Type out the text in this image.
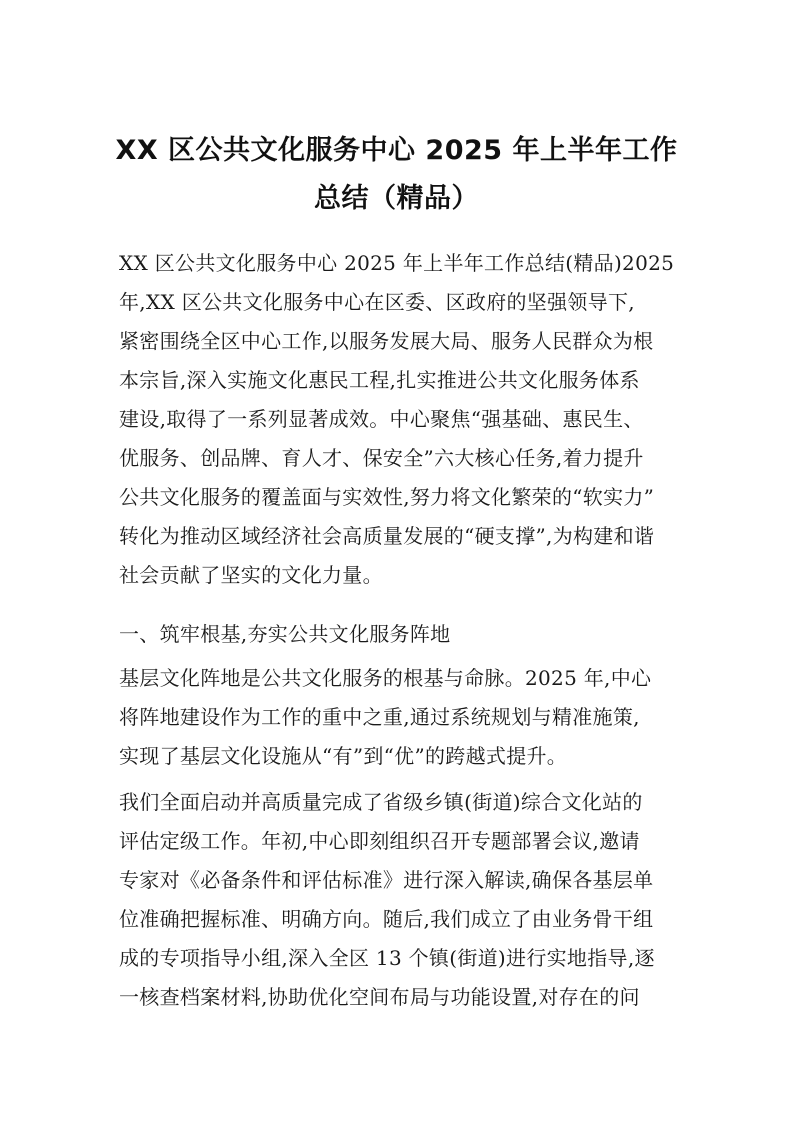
XX 区公共文化服务中心 2025 年上半年工作
总结（精品）
XX 区公共文化服务中心 2025 年上半年工作总结(精品)2025
年,XX 区公共文化服务中心在区委、区政府的坚强领导下,
紧密围绕全区中心工作,以服务发展大局、服务人民群众为根
本宗旨,深入实施文化惠民工程,扎实推进公共文化服务体系
建设,取得了一系列显著成效。中心聚焦“强基础、惠民生、
优服务、创品牌、育人才、保安全”六大核心任务,着力提升
公共文化服务的覆盖面与实效性,努力将文化繁荣的“软实力”
转化为推动区域经济社会高质量发展的“硬支撑”,为构建和谐
社会贡献了坚实的文化力量。
一、筑牢根基,夯实公共文化服务阵地
基层文化阵地是公共文化服务的根基与命脉。2025 年,中心
将阵地建设作为工作的重中之重,通过系统规划与精准施策,
实现了基层文化设施从“有”到“优”的跨越式提升。
我们全面启动并高质量完成了省级乡镇(街道)综合文化站的
评估定级工作。年初,中心即刻组织召开专题部署会议,邀请
专家对《必备条件和评估标准》进行深入解读,确保各基层单
位准确把握标准、明确方向。随后,我们成立了由业务骨干组
成的专项指导小组,深入全区 13 个镇(街道)进行实地指导,逐
一核查档案材料,协助优化空间布局与功能设置,对存在的问
